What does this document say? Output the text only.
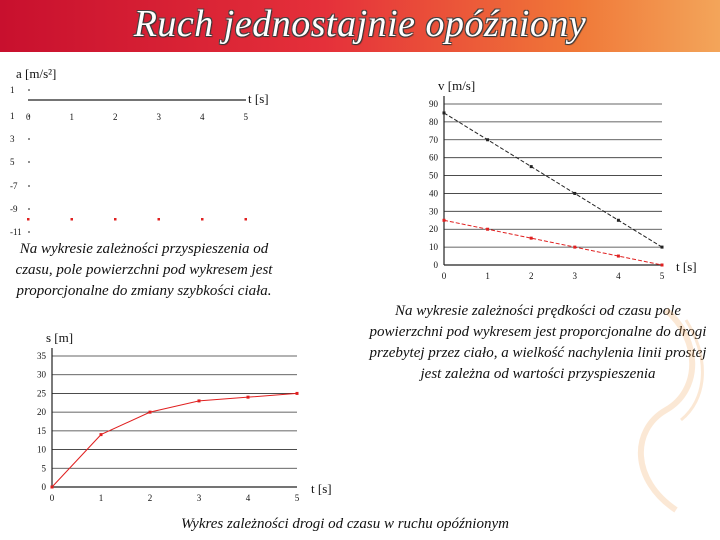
Ruch jednostajnie opóźniony
a [m/s²]
t [s]
1
1
3
5
-7
-9
-11
0	1	2	3	4	5
0
10
20
30
40
50
60
70
80
90
0	1	2	3	4	5
v [m/s]
t [s]
0
5
10
15
20
25
30
35
0	1	2	3	4	5
s [m]
t [s]
Na wykresie zależności przyspieszenia od czasu, pole powierzchni pod wykresem jest proporcjonalne do zmiany szybkości ciała.
Na wykresie zależności prędkości od czasu pole powierzchni pod wykresem jest proporcjonalne do drogi przebytej przez ciało, a wielkość nachylenia linii prostej jest zależna od wartości przyspieszenia
Wykres zależności drogi od czasu w ruchu opóźnionym
